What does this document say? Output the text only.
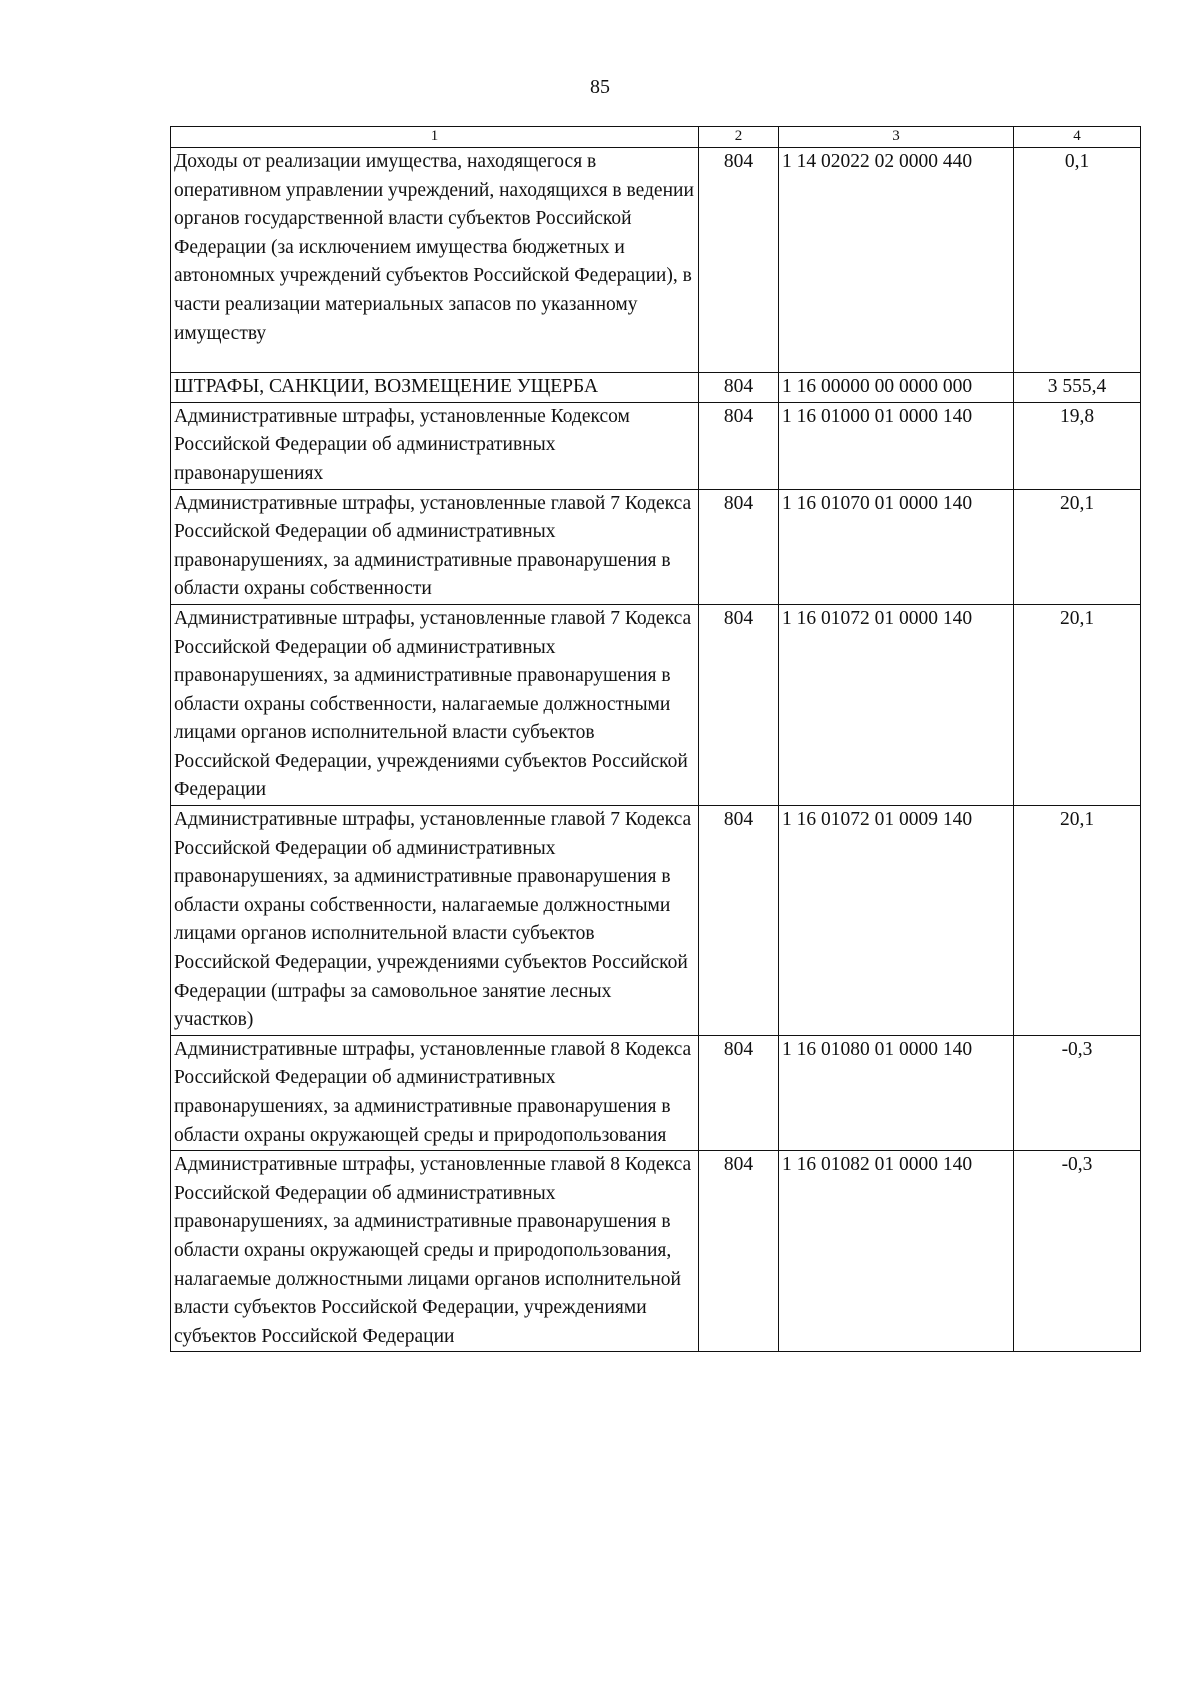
85
1	2	3	4
Доходы от реализации имущества, находящегося в оперативном управлении учреждений, находящихся в ведении органов государственной власти субъектов Российской Федерации (за исключением имущества бюджетных и автономных учреждений субъектов Российской Федерации), в части реализации материальных запасов по указанному имуществу	804	1 14 02022 02 0000 440	0,1
ШТРАФЫ, САНКЦИИ, ВОЗМЕЩЕНИЕ УЩЕРБА	804	1 16 00000 00 0000 000	3 555,4
Административные штрафы, установленные Кодексом Российской Федерации об административных правонарушениях	804	1 16 01000 01 0000 140	19,8
Административные штрафы, установленные главой 7 Кодекса Российской Федерации об административных правонарушениях, за административные правонарушения в области охраны собственности	804	1 16 01070 01 0000 140	20,1
Административные штрафы, установленные главой 7 Кодекса Российской Федерации об административных правонарушениях, за административные правонарушения в области охраны собственности, налагаемые должностными лицами органов исполнительной власти субъектов Российской Федерации, учреждениями субъектов Российской Федерации	804	1 16 01072 01 0000 140	20,1
Административные штрафы, установленные главой 7 Кодекса Российской Федерации об административных правонарушениях, за административные правонарушения в области охраны собственности, налагаемые должностными лицами органов исполнительной власти субъектов Российской Федерации, учреждениями субъектов Российской Федерации (штрафы за самовольное занятие лесных участков)	804	1 16 01072 01 0009 140	20,1
Административные штрафы, установленные главой 8 Кодекса Российской Федерации об административных правонарушениях, за административные правонарушения в области охраны окружающей среды и природопользования	804	1 16 01080 01 0000 140	-0,3
Административные штрафы, установленные главой 8 Кодекса Российской Федерации об административных правонарушениях, за административные правонарушения в области охраны окружающей среды и природопользования, налагаемые должностными лицами органов исполнительной власти субъектов Российской Федерации, учреждениями субъектов Российской Федерации	804	1 16 01082 01 0000 140	-0,3
